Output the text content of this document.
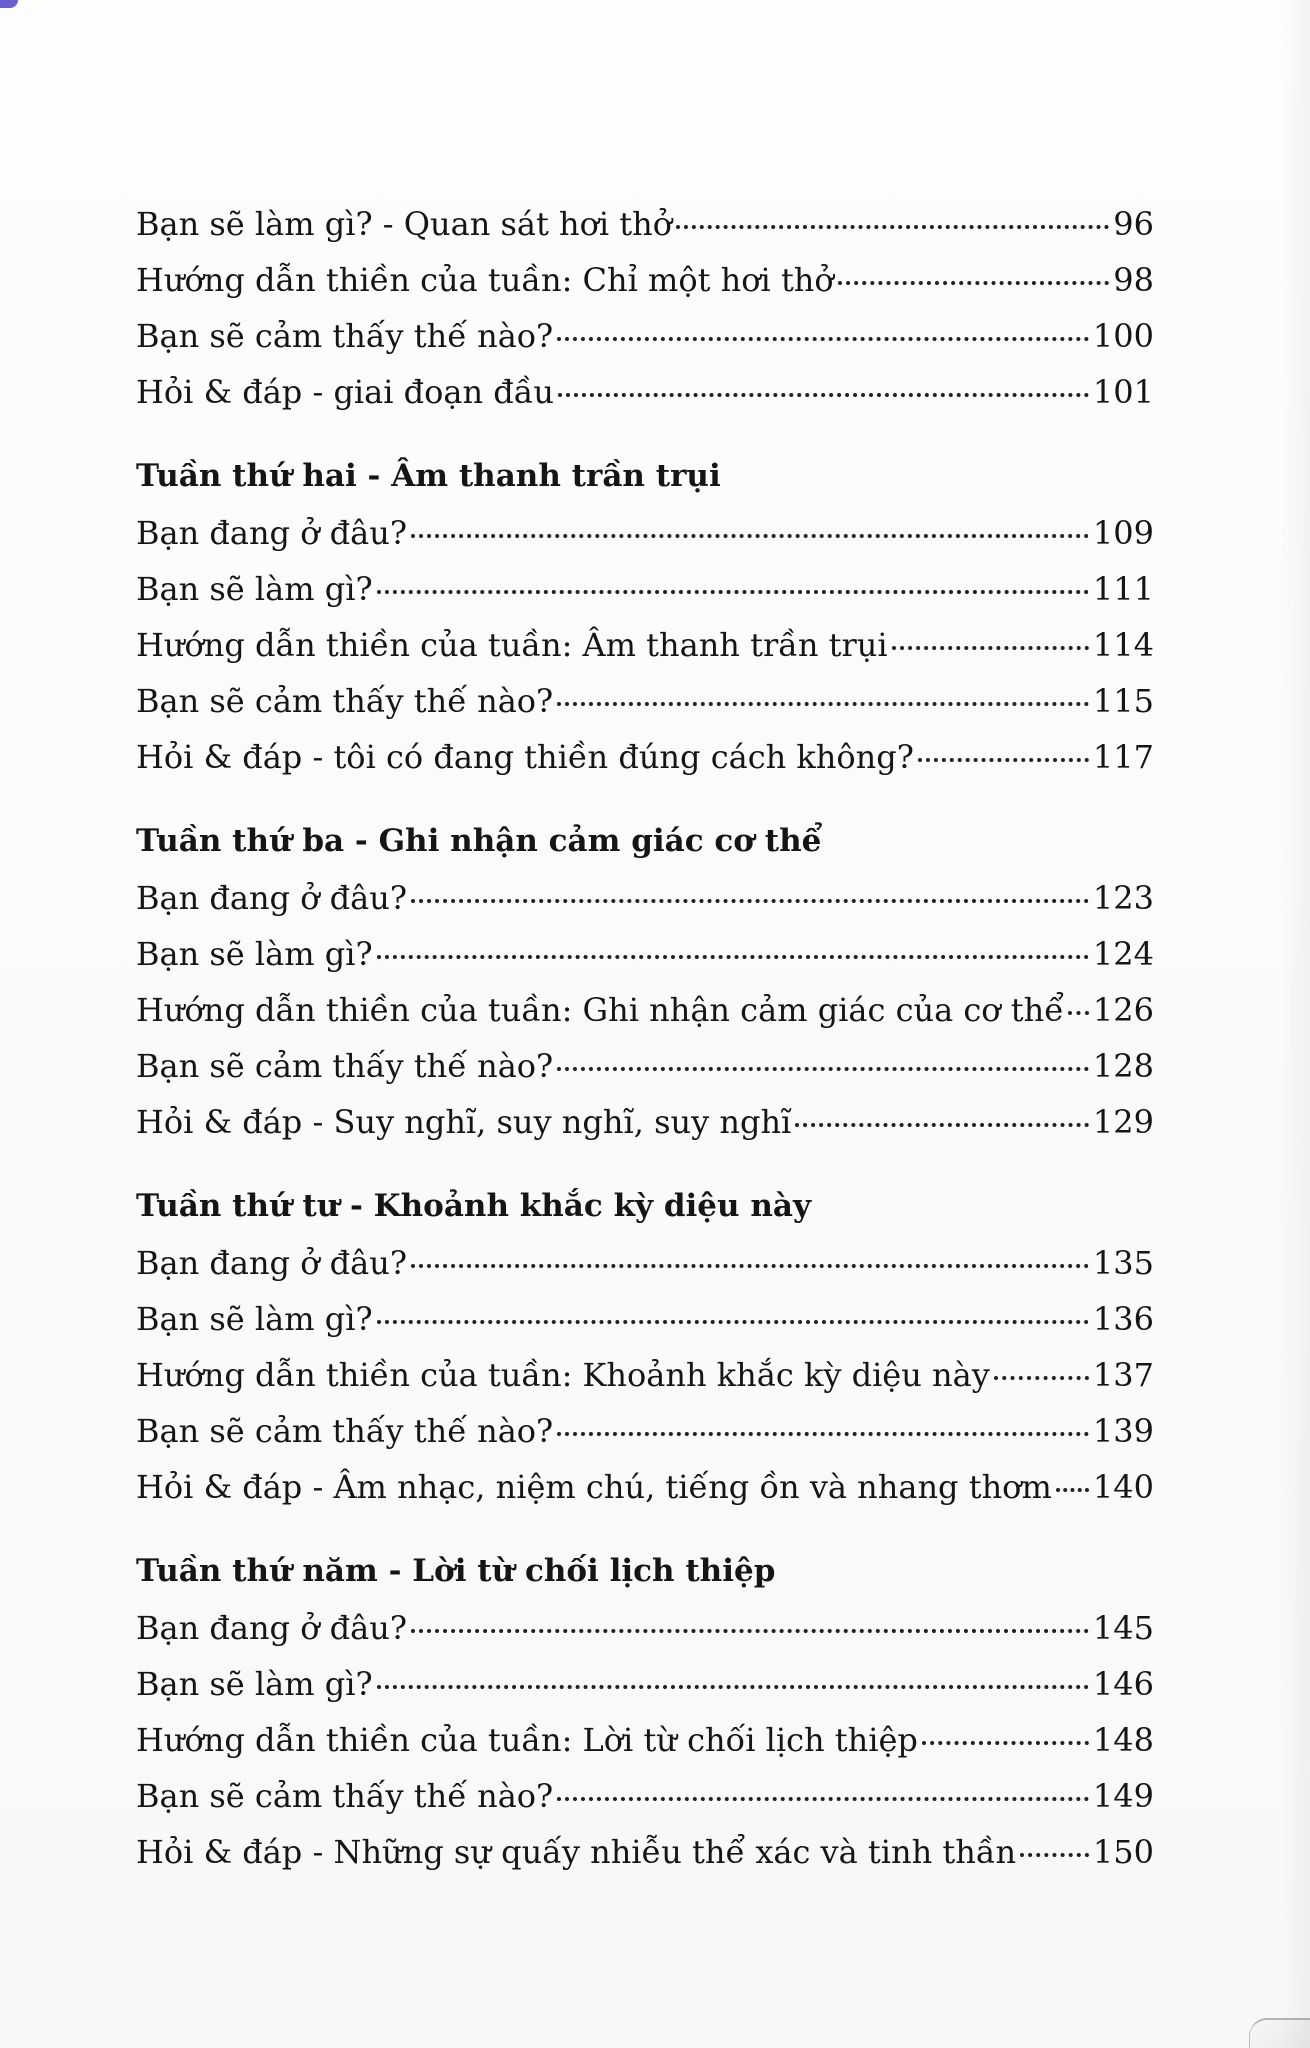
Bạn sẽ làm gì? - Quan sát hơi thở	96
Hướng dẫn thiền của tuần: Chỉ một hơi thở	98
Bạn sẽ cảm thấy thế nào?	100
Hỏi & đáp - giai đoạn đầu	101
Tuần thứ hai - Âm thanh trần trụi
Bạn đang ở đâu?	109
Bạn sẽ làm gì?	111
Hướng dẫn thiền của tuần: Âm thanh trần trụi	114
Bạn sẽ cảm thấy thế nào?	115
Hỏi & đáp - tôi có đang thiền đúng cách không?	117
Tuần thứ ba - Ghi nhận cảm giác cơ thể
Bạn đang ở đâu?	123
Bạn sẽ làm gì?	124
Hướng dẫn thiền của tuần: Ghi nhận cảm giác của cơ thể 126
Bạn sẽ cảm thấy thế nào?	128
Hỏi & đáp - Suy nghĩ, suy nghĩ, suy nghĩ	129
Tuần thứ tư - Khoảnh khắc kỳ diệu này
Bạn đang ở đâu?	135
Bạn sẽ làm gì?	136
Hướng dẫn thiền của tuần: Khoảnh khắc kỳ diệu này	137
Bạn sẽ cảm thấy thế nào?	139
Hỏi & đáp - Âm nhạc, niệm chú, tiếng ồn và nhang thơm 140
Tuần thứ năm - Lời từ chối lịch thiệp
Bạn đang ở đâu?	145
Bạn sẽ làm gì?	146
Hướng dẫn thiền của tuần: Lời từ chối lịch thiệp	148
Bạn sẽ cảm thấy thế nào?	149
Hỏi & đáp - Những sự quấy nhiễu thể xác và tinh thần 150
